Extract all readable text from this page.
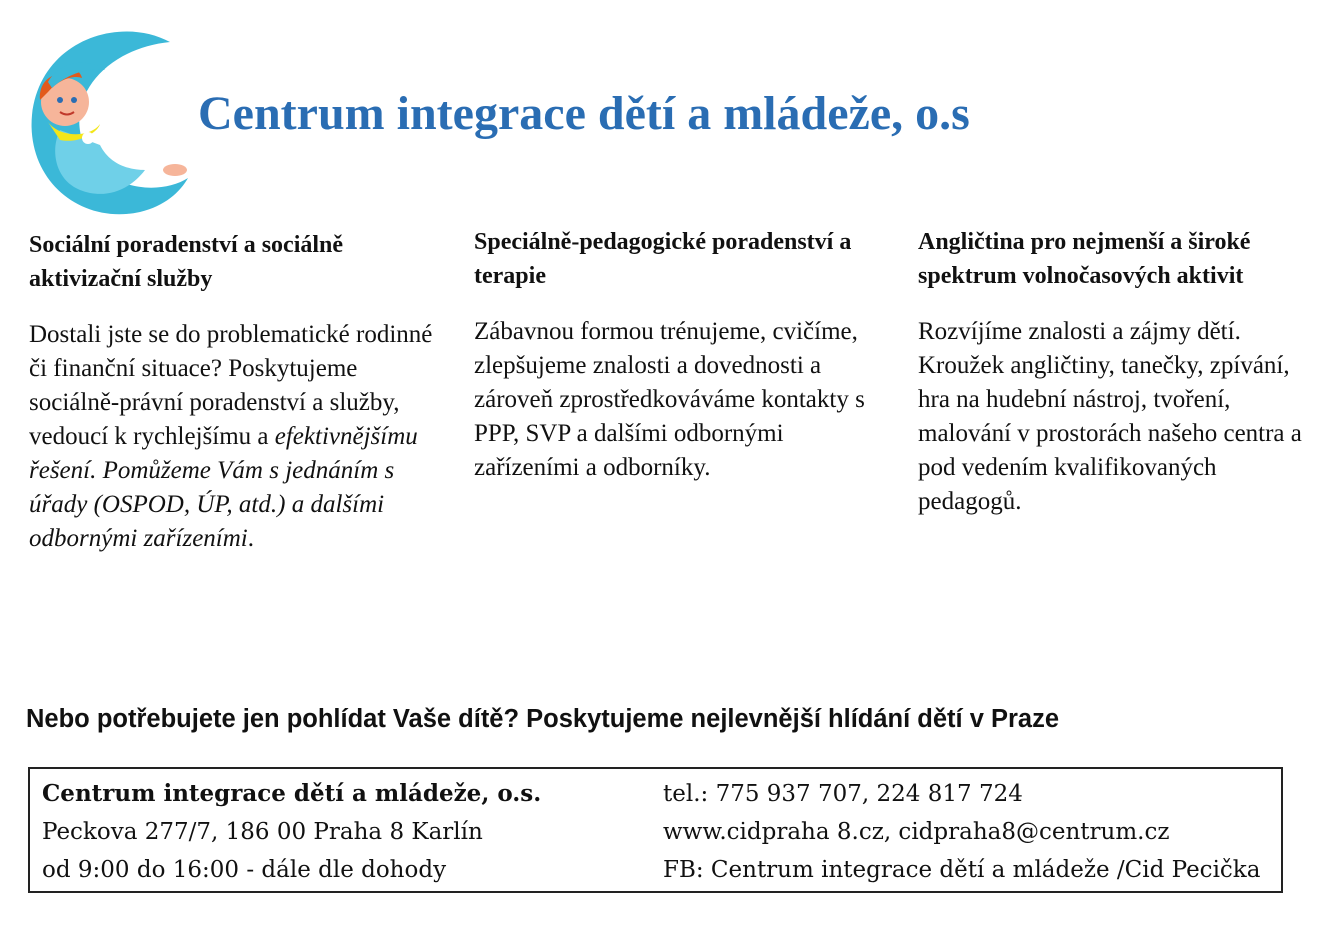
Centrum integrace dětí a mládeže, o.s
Sociální poradenství a sociálně aktivizační služby

Dostali jste se do problematické rodinné či finanční situace? Poskytujeme sociálně-právní poradenství a služby, vedoucí k rychlejšímu a efektivnějšímu řešení. Pomůžeme Vám s jednáním s úřady (OSPOD, ÚP, atd.) a dalšími odbornými zařízeními.

Speciálně-pedagogické poradenství a terapie

Zábavnou formou trénujeme, cvičíme, zlepšujeme znalosti a dovednosti a zároveň zprostředkováváme kontakty s PPP, SVP a dalšími odbornými zařízeními a odborníky.

Angličtina pro nejmenší a široké spektrum volnočasových aktivit

Rozvíjíme znalosti a zájmy dětí. Kroužek angličtiny, tanečky, zpívání, hra na hudební nástroj, tvoření, malování v prostorách našeho centra a pod vedením kvalifikovaných pedagogů.

Nebo potřebujete jen pohlídat Vaše dítě? Poskytujeme nejlevnější hlídání dětí v Praze

Centrum integrace dětí a mládeže, o.s.
Peckova 277/7, 186 00 Praha 8 Karlín
od 9:00 do 16:00 - dále dle dohody
tel.: 775 937 707, 224 817 724
www.cidpraha 8.cz, cidpraha8@centrum.cz
FB: Centrum integrace dětí a mládeže /Cid Pecička
